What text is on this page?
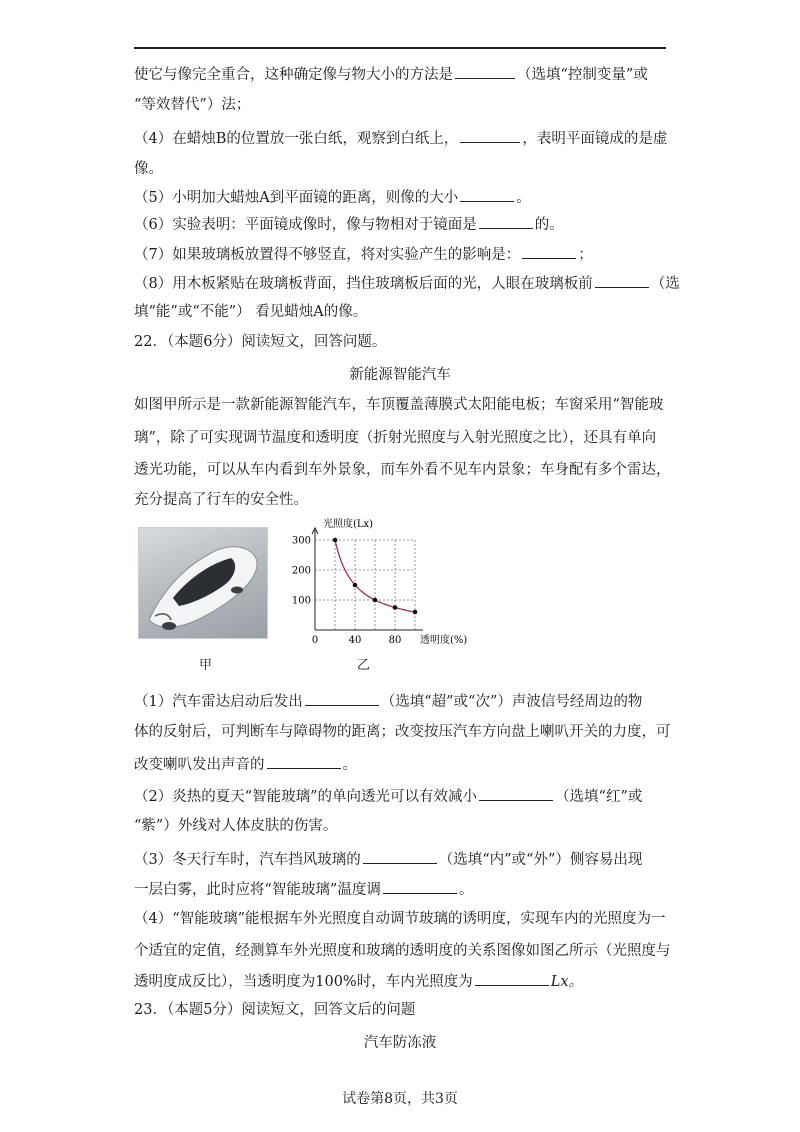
使它与像完全重合，这种确定像与物大小的方法是	（选填“控制变量”或
“等效替代”）法；
（4）在蜡烛B的位置放一张白纸，观察到白纸上，	，表明平面镜成的是虚
像。
（5）小明加大蜡烛A到平面镜的距离，则像的大小	。
（6）实验表明：平面镜成像时，像与物相对于镜面是	的。
（7）如果玻璃板放置得不够竖直，将对实验产生的影响是：	；
（8）用木板紧贴在玻璃板背面，挡住玻璃板后面的光，人眼在玻璃板前	（选
填“能”或“不能”） 看见蜡烛A的像。
22．（本题6分）阅读短文，回答问题。
新能源智能汽车
如图甲所示是一款新能源智能汽车，车顶覆盖薄膜式太阳能电板；车窗采用“智能玻
璃”，除了可实现调节温度和透明度（折射光照度与入射光照度之比），还具有单向
透光功能，可以从车内看到车外景象，而车外看不见车内景象；车身配有多个雷达，
充分提高了行车的安全性。
甲
0	40	80
100
200
300
光照度(Lx)
透明度(%)
乙
（1）汽车雷达启动后发出	（选填“超”或“次”）声波信号经周边的物
体的反射后，可判断车与障碍物的距离；改变按压汽车方向盘上喇叭开关的力度，可
改变喇叭发出声音的	。
（2）炎热的夏天“智能玻璃”的单向透光可以有效减小	（选填“红”或
“紫”）外线对人体皮肤的伤害。
（3）冬天行车时，汽车挡风玻璃的	（选填“内”或“外”）侧容易出现
一层白雾，此时应将“智能玻璃”温度调	。
（4）“智能玻璃”能根据车外光照度自动调节玻璃的诱明度，实现车内的光照度为一
个适宜的定值，经测算车外光照度和玻璃的透明度的关系图像如图乙所示（光照度与
透明度成反比），当透明度为100%时，车内光照度为	Lx。
23．（本题5分）阅读短文，回答文后的问题
汽车防冻液
试卷第8页，共3页
